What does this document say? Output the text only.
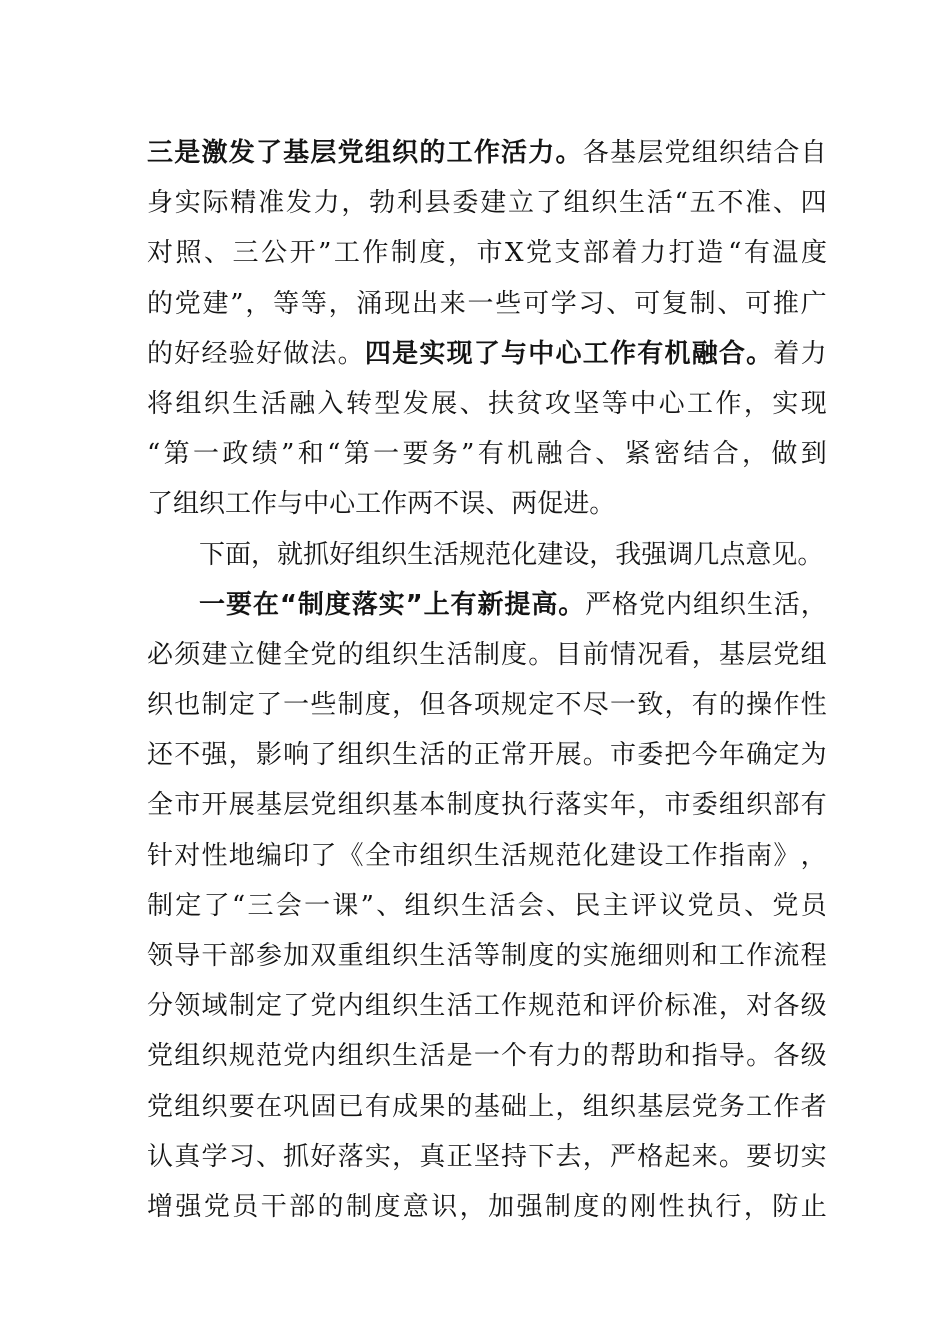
三 是 激 发 了 基 层 党 组 织 的 工 作 活 力 。 各 基 层 党 组 织 结 合 自
身 实 际 精 准 发 力 ， 勃 利 县 委 建 立 了 组 织 生 活 “ 五 不 准 、 四
对 照 、 三 公 开 ” 工 作 制 度 ， 市 X 党 支 部 着 力 打 造 “ 有 温 度
的 党 建 ” ， 等 等 ， 涌 现 出 来 一 些 可 学 习 、 可 复 制 、 可 推 广
的 好 经 验 好 做 法 。 四 是 实 现 了 与 中 心 工 作 有 机 融 合 。 着 力
将 组 织 生 活 融 入 转 型 发 展 、 扶 贫 攻 坚 等 中 心 工 作 ， 实 现
“ 第 一 政 绩 ” 和 “ 第 一 要 务 ” 有 机 融 合 、 紧 密 结 合 ， 做 到
了 组 织 工 作 与 中 心 工 作 两 不 误 、 两 促 进 。
下 面 ， 就 抓 好 组 织 生 活 规 范 化 建 设 ， 我 强 调 几 点 意 见 。
一 要 在 “ 制 度 落 实 ” 上 有 新 提 高 。 严 格 党 内 组 织 生 活 ，
必 须 建 立 健 全 党 的 组 织 生 活 制 度 。 目 前 情 况 看 ， 基 层 党 组
织 也 制 定 了 一 些 制 度 ， 但 各 项 规 定 不 尽 一 致 ， 有 的 操 作 性
还 不 强 ， 影 响 了 组 织 生 活 的 正 常 开 展 。 市 委 把 今 年 确 定 为
全 市 开 展 基 层 党 组 织 基 本 制 度 执 行 落 实 年 ， 市 委 组 织 部 有
针 对 性 地 编 印 了 《 全 市 组 织 生 活 规 范 化 建 设 工 作 指 南 》 ，
制 定 了 “ 三 会 一 课 ” 、 组 织 生 活 会 、 民 主 评 议 党 员 、 党 员
领 导 干 部 参 加 双 重 组 织 生 活 等 制 度 的 实 施 细 则 和 工 作 流 程
分 领 域 制 定 了 党 内 组 织 生 活 工 作 规 范 和 评 价 标 准 ， 对 各 级
党 组 织 规 范 党 内 组 织 生 活 是 一 个 有 力 的 帮 助 和 指 导 。 各 级
党 组 织 要 在 巩 固 已 有 成 果 的 基 础 上 ， 组 织 基 层 党 务 工 作 者
认 真 学 习 、 抓 好 落 实 ， 真 正 坚 持 下 去 ， 严 格 起 来 。 要 切 实
增 强 党 员 干 部 的 制 度 意 识 ， 加 强 制 度 的 刚 性 执 行 ， 防 止
